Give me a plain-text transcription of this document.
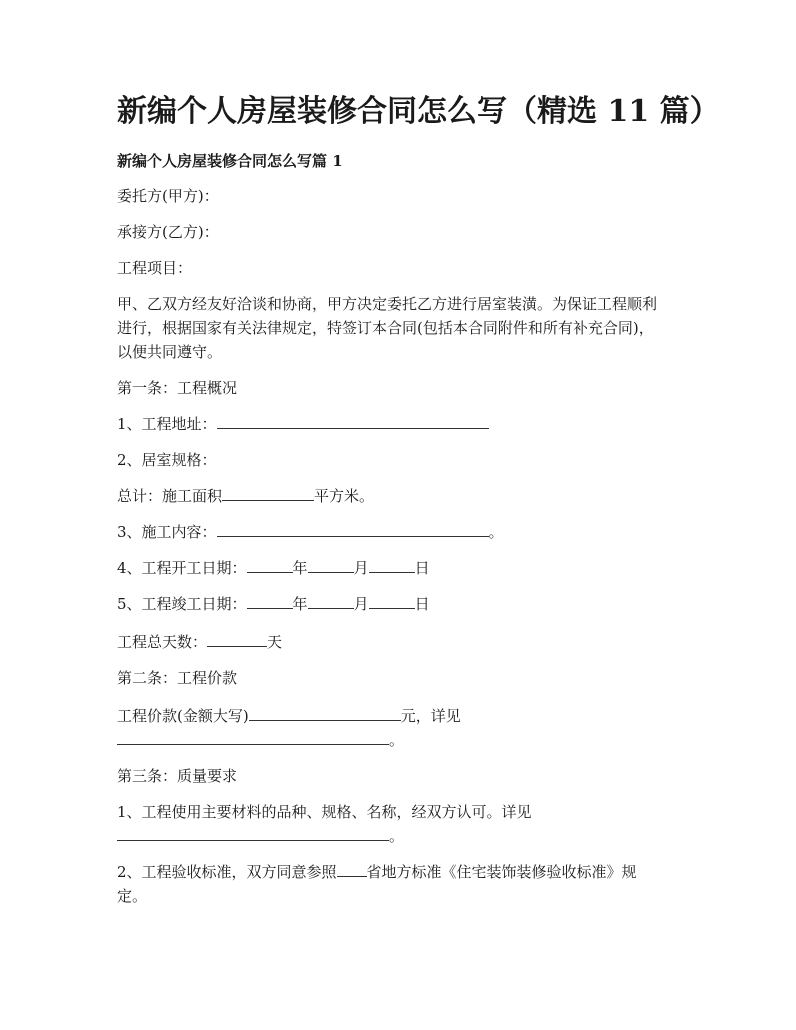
新编个人房屋装修合同怎么写（精选 11 篇）
新编个人房屋装修合同怎么写篇 1
委托方(甲方)：
承接方(乙方)：
工程项目：
甲、乙双方经友好洽谈和协商，甲方决定委托乙方进行居室装潢。为保证工程顺利
进行，根据国家有关法律规定，特签订本合同(包括本合同附件和所有补充合同)，
以便共同遵守。
第一条：工程概况
1、工程地址：
2、居室规格：
总计：施工面积	平方米。
3、施工内容：	。
4、工程开工日期：	年	月	日
5、工程竣工日期：	年	月	日
工程总天数：	天
第二条：工程价款
工程价款(金额大写)	元，详见
。
第三条：质量要求
1、工程使用主要材料的品种、规格、名称，经双方认可。详见
。
2、工程验收标准，双方同意参照 省地方标准《住宅装饰装修验收标准》规
定。
